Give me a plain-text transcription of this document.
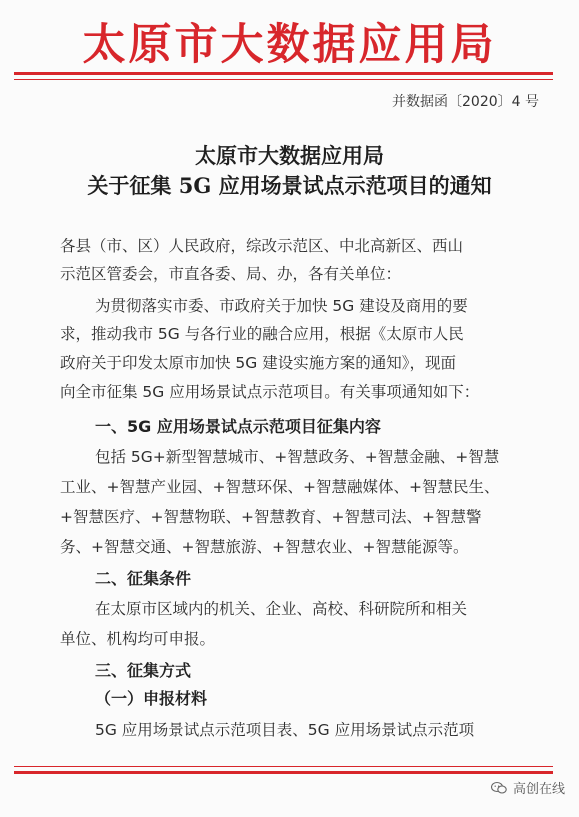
太原市大数据应用局
并数据函〔2020〕4 号
太原市大数据应用局
关于征集 5G 应用场景试点示范项目的通知
各县（市、区）人民政府，综改示范区、中北高新区、西山
示范区管委会，市直各委、局、办，各有关单位：
为贯彻落实市委、市政府关于加快 5G 建设及商用的要
求，推动我市 5G 与各行业的融合应用，根据《太原市人民
政府关于印发太原市加快 5G 建设实施方案的通知》，现面
向全市征集 5G 应用场景试点示范项目。有关事项通知如下：
一、5G 应用场景试点示范项目征集内容
包括 5G+新型智慧城市、+智慧政务、+智慧金融、+智慧
工业、+智慧产业园、+智慧环保、+智慧融媒体、+智慧民生、
+智慧医疗、+智慧物联、+智慧教育、+智慧司法、+智慧警
务、+智慧交通、+智慧旅游、+智慧农业、+智慧能源等。
二、征集条件
在太原市区域内的机关、企业、高校、科研院所和相关
单位、机构均可申报。
三、征集方式
（一）申报材料
5G 应用场景试点示范项目表、5G 应用场景试点示范项
高创在线
